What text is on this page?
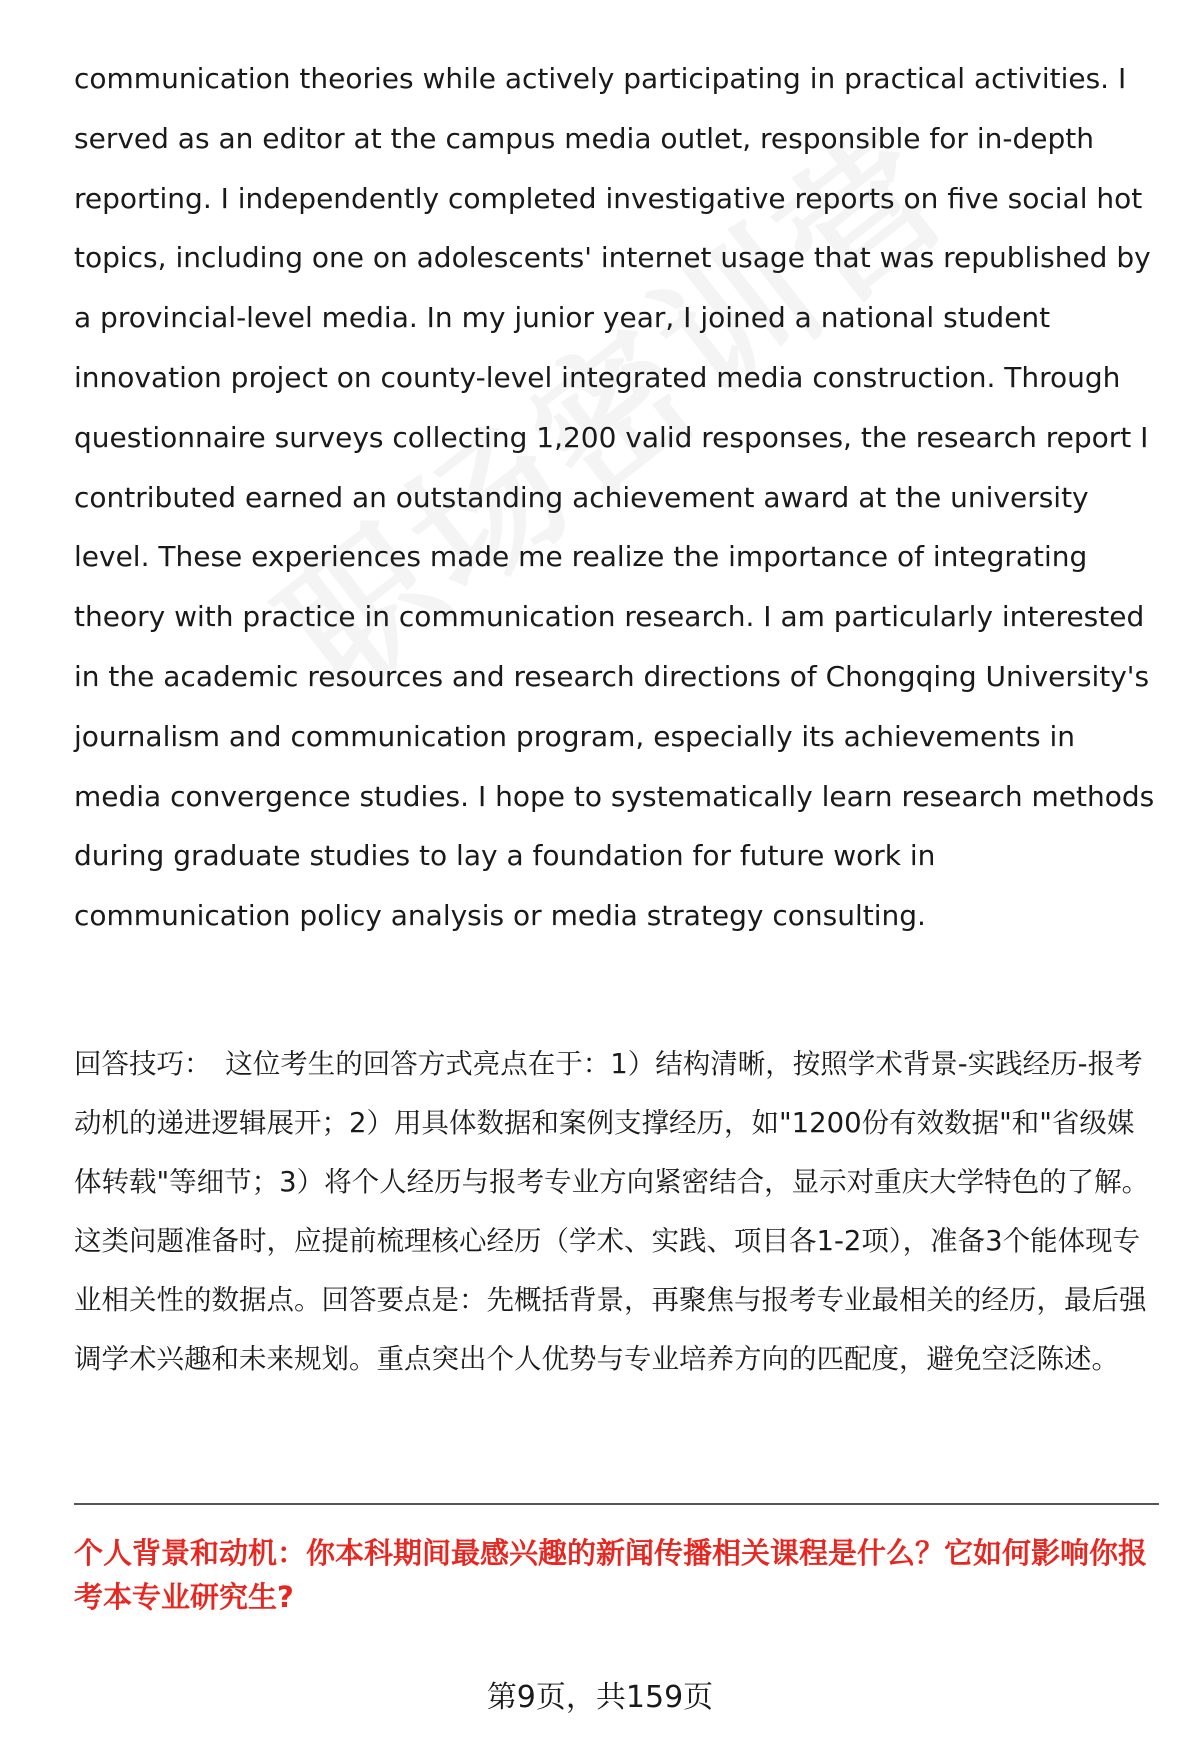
communication theories while actively participating in practical activities. I served as an editor at the campus media outlet, responsible for in-depth reporting. I independently completed investigative reports on five social hot topics, including one on adolescents' internet usage that was republished by a provincial-level media. In my junior year, I joined a national student innovation project on county-level integrated media construction. Through questionnaire surveys collecting 1,200 valid responses, the research report I contributed earned an outstanding achievement award at the university level. These experiences made me realize the importance of integrating theory with practice in communication research. I am particularly interested in the academic resources and research directions of Chongqing University's journalism and communication program, especially its achievements in media convergence studies. I hope to systematically learn research methods during graduate studies to lay a foundation for future work in communication policy analysis or media strategy consulting.

回答技巧：　 这位考生的回答方式亮点在于：1）结构清晰，按照学术背景-实践经历-报考动机的递进逻辑展开；2）用具体数据和案例支撑经历，如"1200份有效数据"和"省级媒体转载"等细节；3）将个人经历与报考专业方向紧密结合，显示对重庆大学特色的了解。这类问题准备时，应提前梳理核心经历（学术、实践、项目各1-2项），准备3个能体现专业相关性的数据点。回答要点是：先概括背景，再聚焦与报考专业最相关的经历，最后强调学术兴趣和未来规划。重点突出个人优势与专业培养方向的匹配度，避免空泛陈述。

个人背景和动机：你本科期间最感兴趣的新闻传播相关课程是什么？它如何影响你报考本专业研究生?

第9页，共159页
